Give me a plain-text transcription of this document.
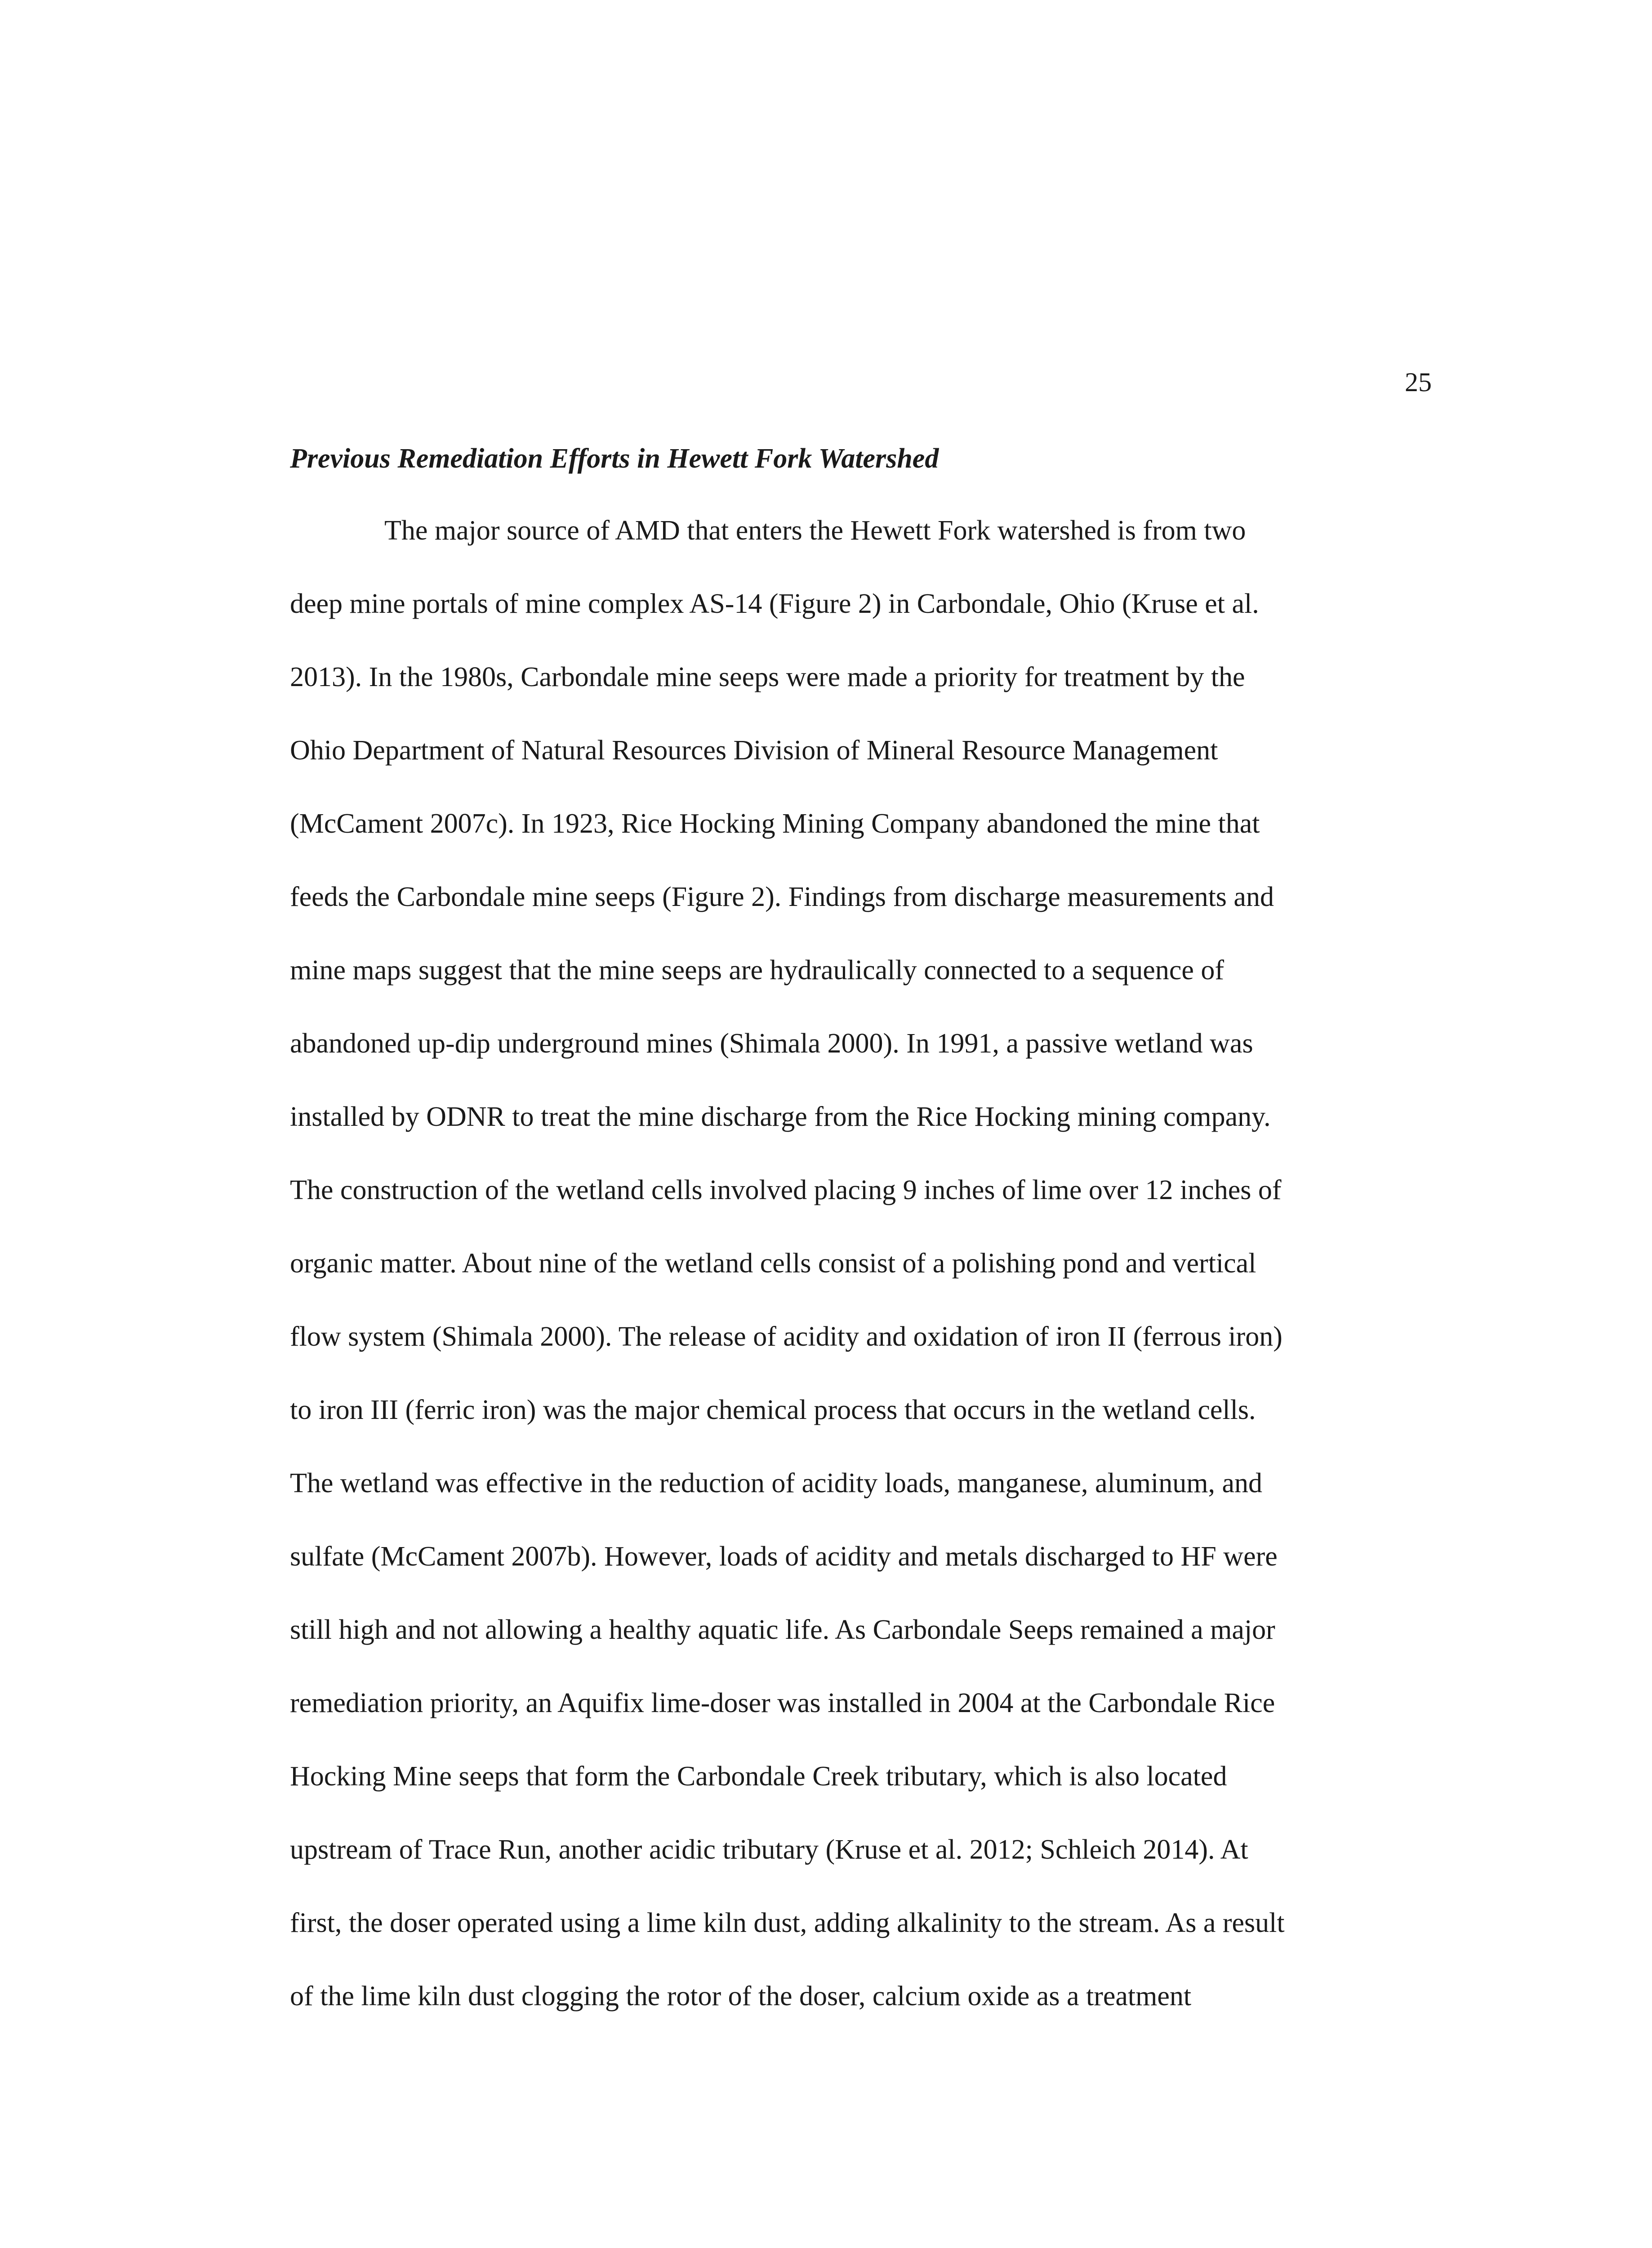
25
Previous Remediation Efforts in Hewett Fork Watershed
The major source of AMD that enters the Hewett Fork watershed is from two
deep mine portals of mine complex AS-14 (Figure 2) in Carbondale, Ohio (Kruse et al.
2013). In the 1980s, Carbondale mine seeps were made a priority for treatment by the
Ohio Department of Natural Resources Division of Mineral Resource Management
(McCament 2007c). In 1923, Rice Hocking Mining Company abandoned the mine that
feeds the Carbondale mine seeps (Figure 2). Findings from discharge measurements and
mine maps suggest that the mine seeps are hydraulically connected to a sequence of
abandoned up-dip underground mines (Shimala 2000). In 1991, a passive wetland was
installed by ODNR to treat the mine discharge from the Rice Hocking mining company.
The construction of the wetland cells involved placing 9 inches of lime over 12 inches of
organic matter. About nine of the wetland cells consist of a polishing pond and vertical
flow system (Shimala 2000). The release of acidity and oxidation of iron II (ferrous iron)
to iron III (ferric iron) was the major chemical process that occurs in the wetland cells.
The wetland was effective in the reduction of acidity loads, manganese, aluminum, and
sulfate (McCament 2007b). However, loads of acidity and metals discharged to HF were
still high and not allowing a healthy aquatic life. As Carbondale Seeps remained a major
remediation priority, an Aquifix lime-doser was installed in 2004 at the Carbondale Rice
Hocking Mine seeps that form the Carbondale Creek tributary, which is also located
upstream of Trace Run, another acidic tributary (Kruse et al. 2012; Schleich 2014). At
first, the doser operated using a lime kiln dust, adding alkalinity to the stream. As a result
of the lime kiln dust clogging the rotor of the doser, calcium oxide as a treatment
